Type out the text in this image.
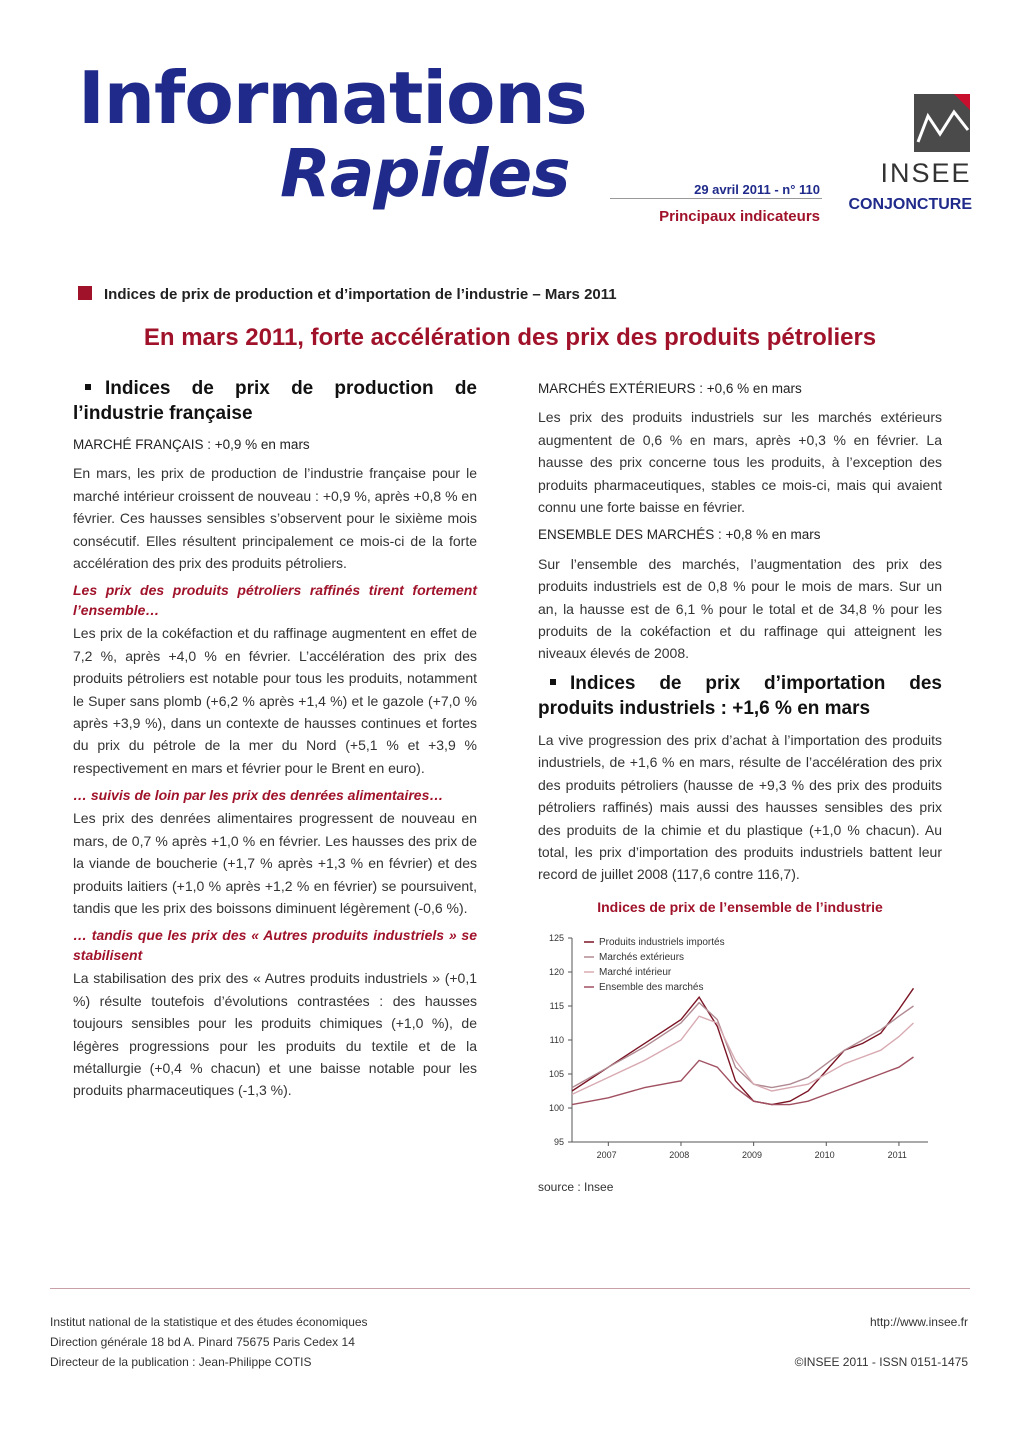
Informations
Rapides	29 avril 2011 - n° 110
Principaux indicateurs
INSEE
CONJONCTURE
Indices de prix de production et d’importation de l’industrie – Mars 2011
En mars 2011, forte accélération des prix des produits pétroliers
Indices de prix de production de l’industrie française
MARCHÉ FRANÇAIS : +0,9 % en mars

En mars, les prix de production de l’industrie française pour le marché intérieur croissent de nouveau : +0,9 %, après +0,8 % en février. Ces hausses sensibles s’observent pour le sixième mois consécutif. Elles résultent principalement ce mois-ci de la forte accélération des prix des produits pétroliers.

Les prix des produits pétroliers raffinés tirent fortement l’ensemble…

Les prix de la cokéfaction et du raffinage augmentent en effet de 7,2 %, après +4,0 % en février. L’accélération des prix des produits pétroliers est notable pour tous les produits, notamment le Super sans plomb (+6,2 % après +1,4 %) et le gazole (+7,0 % après +3,9 %), dans un contexte de hausses continues et fortes du prix du pétrole de la mer du Nord (+5,1 % et +3,9 % respectivement en mars et février pour le Brent en euro).

… suivis de loin par les prix des denrées alimentaires…

Les prix des denrées alimentaires progressent de nouveau en mars, de 0,7 % après +1,0 % en février. Les hausses des prix de la viande de boucherie (+1,7 % après +1,3 % en février) et des produits laitiers (+1,0 % après +1,2 % en février) se poursuivent, tandis que les prix des boissons diminuent légèrement (-0,6 %).

… tandis que les prix des « Autres produits industriels » se stabilisent

La stabilisation des prix des « Autres produits industriels » (+0,1 %) résulte toutefois d’évolutions contrastées : des hausses toujours sensibles pour les produits chimiques (+1,0 %), de légères progressions pour les produits du textile et de la métallurgie (+0,4 % chacun) et une baisse notable pour les produits pharmaceutiques (-1,3 %).

MARCHÉS EXTÉRIEURS : +0,6 % en mars

Les prix des produits industriels sur les marchés extérieurs augmentent de 0,6 % en mars, après +0,3 % en février. La hausse des prix concerne tous les produits, à l’exception des produits pharmaceutiques, stables ce mois-ci, mais qui avaient connu une forte baisse en février.

ENSEMBLE DES MARCHÉS : +0,8 % en mars

Sur l’ensemble des marchés, l’augmentation des prix des produits industriels est de 0,8 % pour le mois de mars. Sur un an, la hausse est de 6,1 % pour le total et de 34,8 % pour les produits de la cokéfaction et du raffinage qui atteignent les niveaux élevés de 2008.

Indices de prix d’importation des produits industriels : +1,6 % en mars

La vive progression des prix d’achat à l’importation des produits industriels, de +1,6 % en mars, résulte de l’accélération des prix des produits pétroliers (hausse de +9,3 % des prix des produits pétroliers raffinés) mais aussi des hausses sensibles des prix des produits de la chimie et du plastique (+1,0 % chacun). Au total, les prix d’importation des produits industriels battent leur record de juillet 2008 (117,6 contre 116,7).

Indices de prix de l’ensemble de l’industrie
95
100
105
110
115
120
125
2007	2008	2009	2010	2011
Produits industriels importés
Marchés extérieurs
Marché intérieur
Ensemble des marchés
source : Insee
Institut national de la statistique et des études économiques
Direction générale 18 bd A. Pinard 75675 Paris Cedex 14
Directeur de la publication : Jean-Philippe COTIS
http://www.insee.fr

©INSEE 2011 - ISSN 0151-1475
